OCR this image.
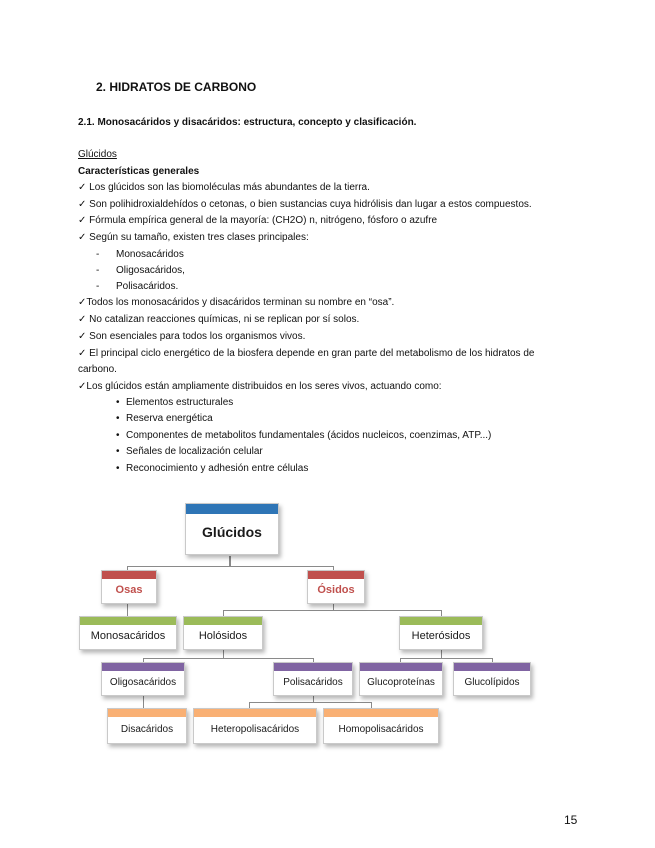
2. HIDRATOS DE CARBONO
2.1. Monosacáridos y disacáridos: estructura, concepto y clasificación.
Glúcidos
Características generales
✓ Los glúcidos son las biomoléculas más abundantes de la tierra.
✓ Son polihidroxialdehídos o cetonas, o bien sustancias cuya hidrólisis dan lugar a estos compuestos.
✓ Fórmula empírica general de la mayoría: (CH2O) n, nitrógeno, fósforo o azufre
✓ Según su tamaño, existen tres clases principales:
- Monosacáridos
- Oligosacáridos,
- Polisacáridos.
✓Todos los monosacáridos y disacáridos terminan su nombre en “osa”.
✓ No catalizan reacciones químicas, ni se replican por sí solos.
✓ Son esenciales para todos los organismos vivos.
✓ El principal ciclo energético de la biosfera depende en gran parte del metabolismo de los hidratos de
carbono.
✓Los glúcidos están ampliamente distribuidos en los seres vivos, actuando como:
• Elementos estructurales
• Reserva energética
• Componentes de metabolitos fundamentales (ácidos nucleicos, coenzimas, ATP...)
• Señales de localización celular
• Reconocimiento y adhesión entre células
Glúcidos
Osas	Ósidos
Monosacáridos	Holósidos	Heterósidos
Oligosacáridos	Polisacáridos Glucoproteínas	Glucolípidos
Disacáridos	Heteropolisacáridos	Homopolisacáridos
15
